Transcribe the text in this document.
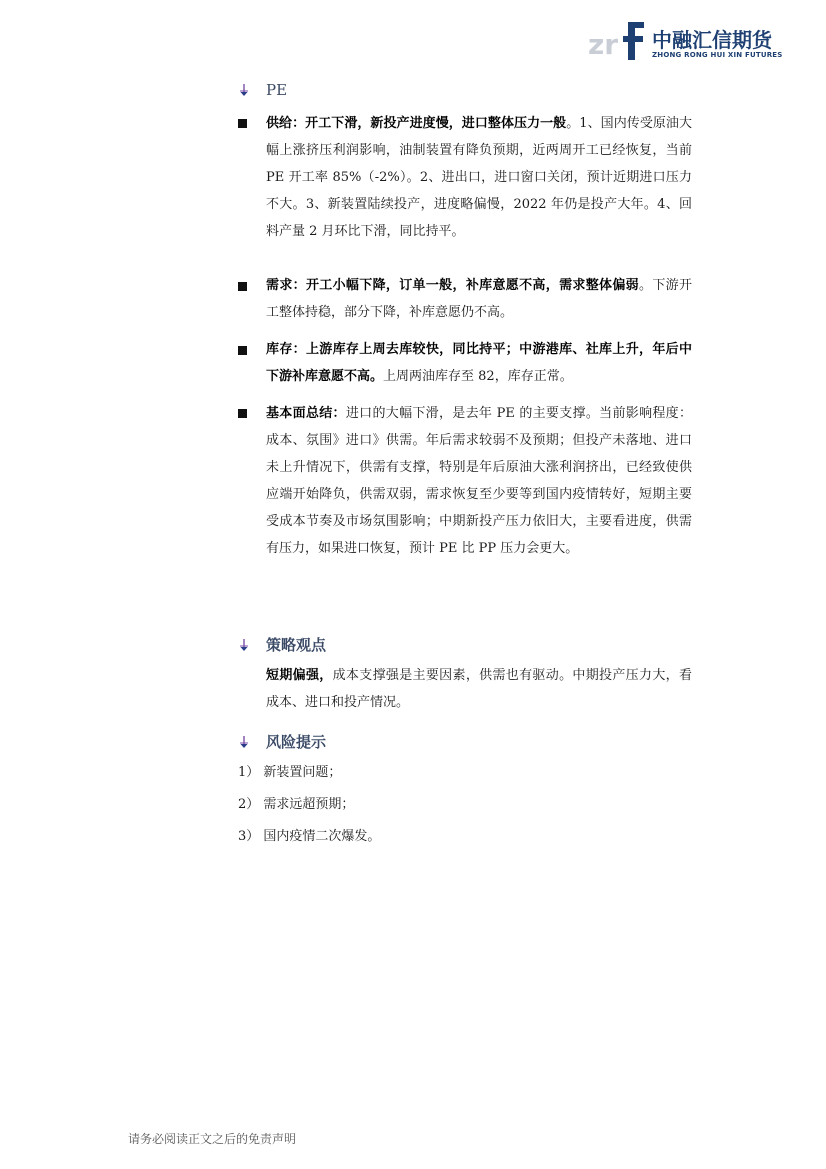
zr 中融汇信期货
ZHONG RONG HUI XIN FUTURES
PE
供给：开工下滑，新投产进度慢，进口整体压力一般。1、国内传受原油大幅上涨挤压利润影响，油制装置有降负预期，近两周开工已经恢复，当前 PE 开工率 85%（-2%）。2、进出口，进口窗口关闭，预计近期进口压力不大。3、新装置陆续投产，进度略偏慢，2022 年仍是投产大年。4、回料产量 2 月环比下滑，同比持平。
需求：开工小幅下降，订单一般，补库意愿不高，需求整体偏弱。下游开工整体持稳，部分下降，补库意愿仍不高。
库存：上游库存上周去库较快，同比持平；中游港库、社库上升，年后中下游补库意愿不高。上周两油库存至 82，库存正常。
基本面总结：进口的大幅下滑，是去年 PE 的主要支撑。当前影响程度：成本、氛围》进口》供需。年后需求较弱不及预期；但投产未落地、进口未上升情况下，供需有支撑，特别是年后原油大涨利润挤出，已经致使供应端开始降负，供需双弱，需求恢复至少要等到国内疫情转好，短期主要受成本节奏及市场氛围影响；中期新投产压力依旧大，主要看进度，供需有压力，如果进口恢复，预计 PE 比 PP 压力会更大。
策略观点
短期偏强，成本支撑强是主要因素，供需也有驱动。中期投产压力大，看成本、进口和投产情况。
风险提示
1） 新装置问题；
2） 需求远超预期；
3） 国内疫情二次爆发。
请务必阅读正文之后的免责声明
